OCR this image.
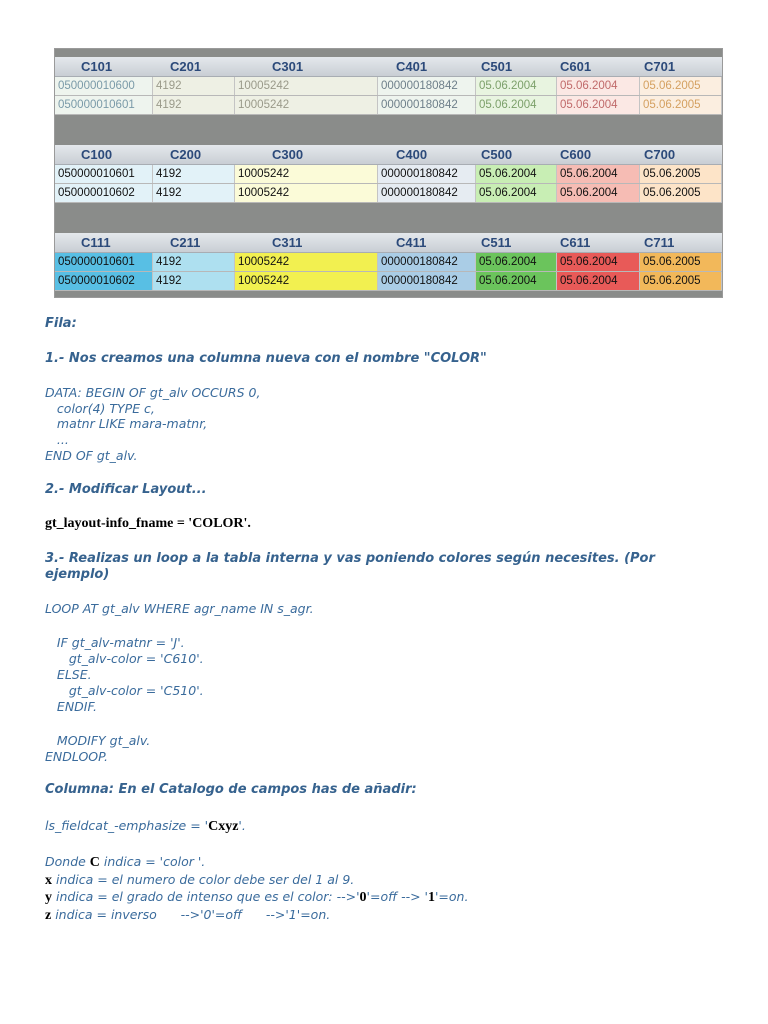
C101	C201	C301	C401	C501	C601	C701
050000010600	4192	10005242	000000180842	05.06.2004	05.06.2004	05.06.2005
050000010601	4192	10005242	000000180842	05.06.2004	05.06.2004	05.06.2005
C100	C200	C300	C400	C500	C600	C700
050000010601	4192	10005242	000000180842	05.06.2004	05.06.2004	05.06.2005
050000010602	4192	10005242	000000180842	05.06.2004	05.06.2004	05.06.2005
C111	C211	C311	C411	C511	C611	C711
050000010601	4192	10005242	000000180842	05.06.2004	05.06.2004	05.06.2005
050000010602	4192	10005242	000000180842	05.06.2004	05.06.2004	05.06.2005

Fila:

1.- Nos creamos una columna nueva con el nombre "COLOR"

DATA: BEGIN OF gt_alv OCCURS 0,

color(4) TYPE c,

matnr LIKE mara-matnr,

...

END OF gt_alv.

2.- Modificar Layout...

gt_layout-info_fname = 'COLOR'.

3.- Realizas un loop a la tabla interna y vas poniendo colores según necesites. (Por ejemplo)

LOOP AT gt_alv WHERE agr_name IN s_agr.

IF gt_alv-matnr = 'J'.

gt_alv-color = 'C610'.

ELSE.

gt_alv-color = 'C510'.

ENDIF.

MODIFY gt_alv.

ENDLOOP.

Columna: En el Catalogo de campos has de añadir:

ls_fieldcat_-emphasize = 'Cxyz'.

Donde C indica = 'color '.

x indica = el numero de color debe ser del 1 al 9.

y indica = el grado de intenso que es el color: -->'0'=off --> '1'=on.

z indica = inverso      -->'0'=off      -->'1'=on.
